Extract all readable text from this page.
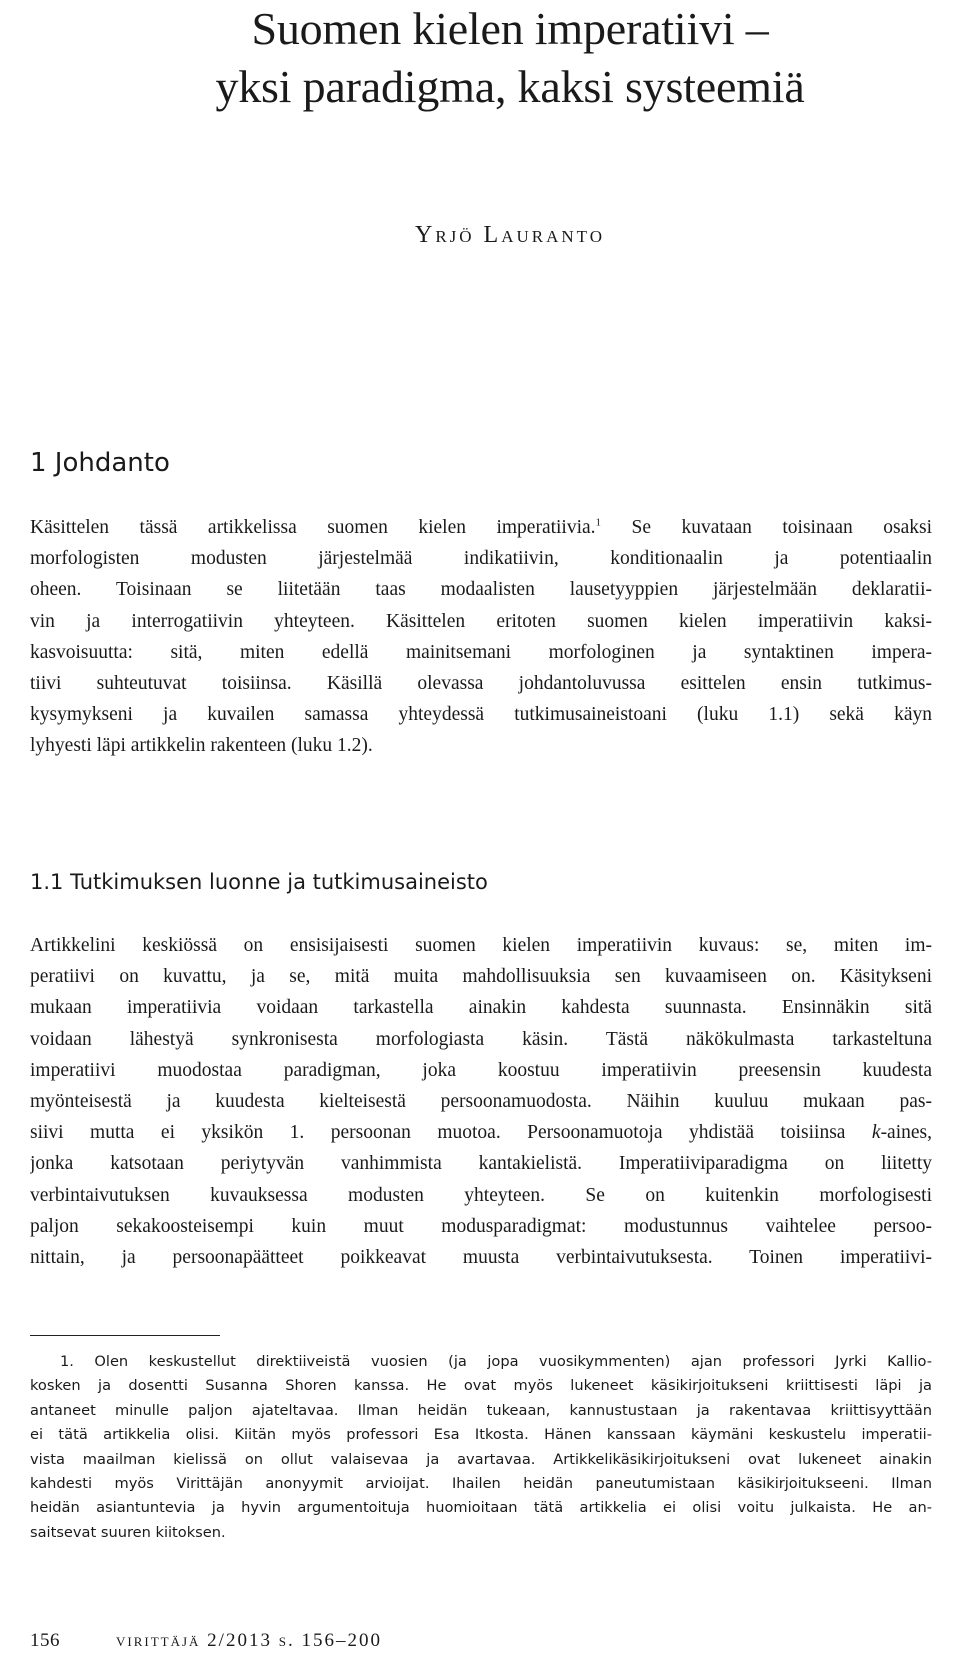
Suomen kielen imperatiivi –
yksi paradigma, kaksi systeemiä
Yrjö Lauranto
1 Johdanto

Käsittelen tässä artikkelissa suomen kielen imperatiivia.$^1$ Se kuvataan toisinaan osaksi
morfologisten modusten järjestelmää indikatiivin, konditionaalin ja potentiaalin
oheen. Toisinaan se liitetään taas modaalisten lausetyyppien järjestelmään deklaratii-
vin ja interrogatiivin yhteyteen. Käsittelen eritoten suomen kielen imperatiivin kaksi-
kasvoisuutta: sitä, miten edellä mainitsemani morfologinen ja syntaktinen impera-
tiivi suhteutuvat toisiinsa. Käsillä olevassa johdantoluvussa esittelen ensin tutkimus-
kysymykseni ja kuvailen samassa yhteydessä tutkimusaineistoani (luku 1.1) sekä käyn
lyhyesti läpi artikkelin rakenteen (luku 1.2).

1.1 Tutkimuksen luonne ja tutkimusaineisto

Artikkelini keskiössä on ensisijaisesti suomen kielen imperatiivin kuvaus: se, miten im-
peratiivi on kuvattu, ja se, mitä muita mahdollisuuksia sen kuvaamiseen on. Käsitykseni
mukaan imperatiivia voidaan tarkastella ainakin kahdesta suunnasta. Ensinnäkin sitä
voidaan lähestyä synkronisesta morfologiasta käsin. Tästä näkökulmasta tarkasteltuna
imperatiivi muodostaa paradigman, joka koostuu imperatiivin preesensin kuudesta
myönteisestä ja kuudesta kielteisestä persoonamuodosta. Näihin kuuluu mukaan pas-
siivi mutta ei yksikön 1. persoonan muotoa. Persoonamuotoja yhdistää toisiinsa k-aines,
jonka katsotaan periytyvän vanhimmista kantakielistä. Imperatiiviparadigma on liitetty
verbintaivutuksen kuvauksessa modusten yhteyteen. Se on kuitenkin morfologisesti
paljon sekakoosteisempi kuin muut modusparadigmat: modustunnus vaihtelee persoo-
nittain, ja persoonapäätteet poikkeavat muusta verbintaivutuksesta. Toinen imperatiivi-

1. Olen keskustellut direktiiveistä vuosien (ja jopa vuosikymmenten) ajan professori Jyrki Kallio-
kosken ja dosentti Susanna Shoren kanssa. He ovat myös lukeneet käsikirjoitukseni kriittisesti läpi ja
antaneet minulle paljon ajateltavaa. Ilman heidän tukeaan, kannustustaan ja rakentavaa kriittisyyttään
ei tätä artikkelia olisi. Kiitän myös professori Esa Itkosta. Hänen kanssaan käymäni keskustelu imperatii-
vista maailman kielissä on ollut valaisevaa ja avartavaa. Artikkelikäsikirjoitukseni ovat lukeneet ainakin
kahdesti myös Virittäjän anonyymit arvioijat. Ihailen heidän paneutumistaan käsikirjoitukseeni. Ilman
heidän asiantuntevia ja hyvin argumentoituja huomioitaan tätä artikkelia ei olisi voitu julkaista. He an-
saitsevat suuren kiitoksen.

156	virittäjä 2/2013 s. 156–200
